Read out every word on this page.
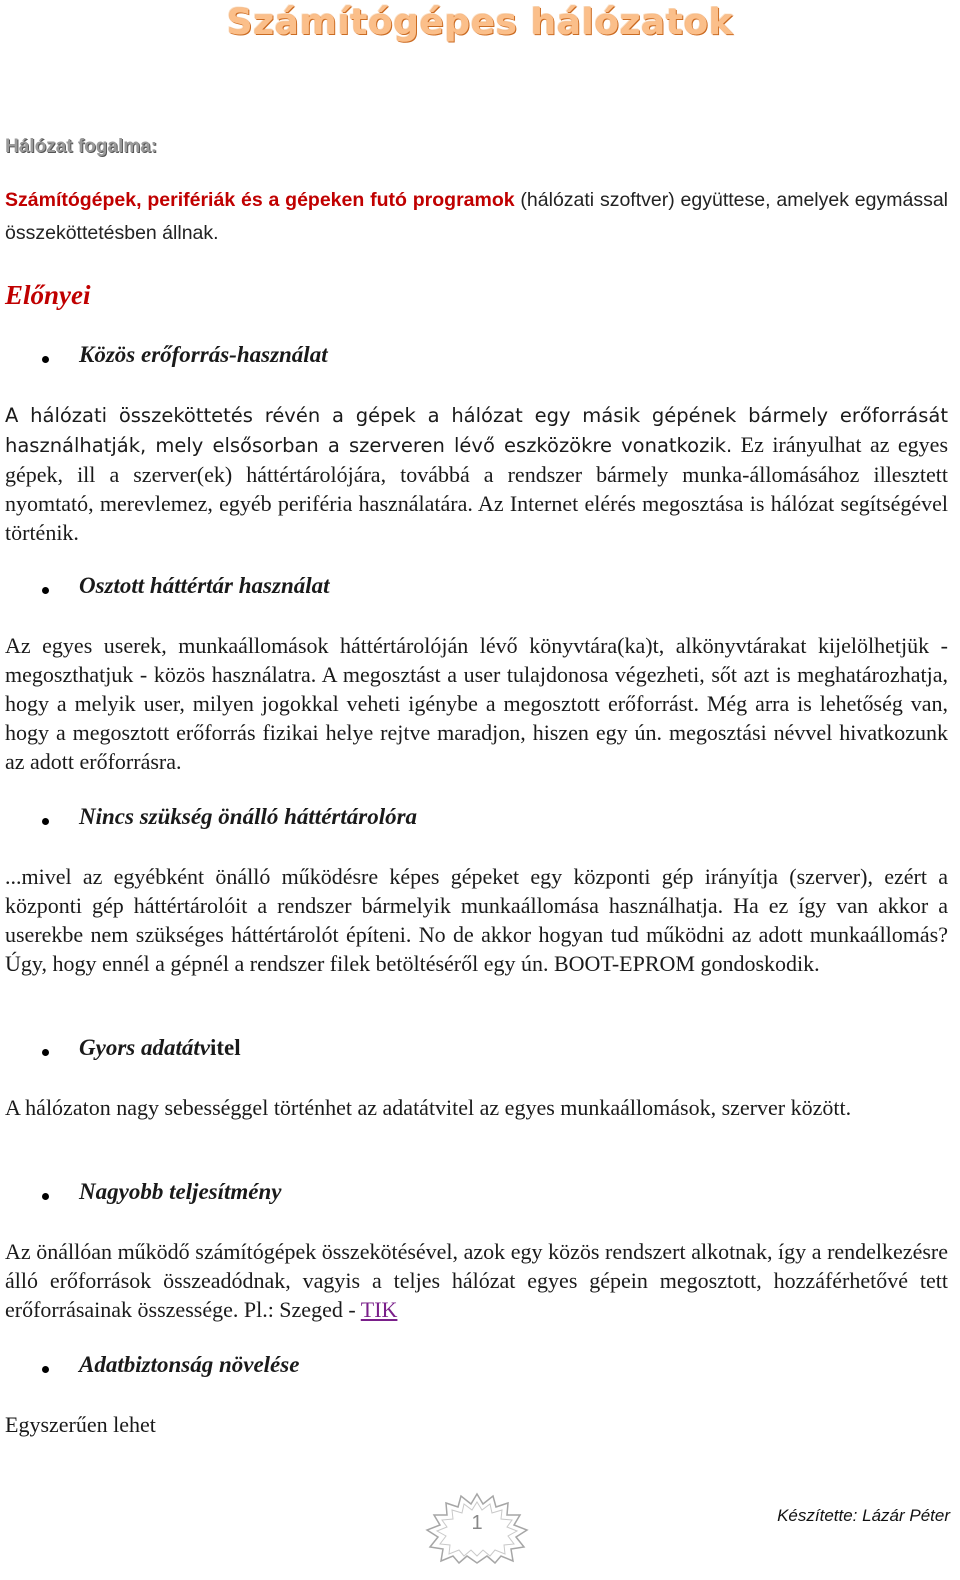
Számítógépes hálózatok
Hálózat fogalma:
Számítógépek, perifériák és a gépeken futó programok (hálózati szoftver) együttese, amelyek egymással összeköttetésben állnak.
Előnyei
Közös erőforrás-használat
A hálózati összeköttetés révén a gépek a hálózat egy másik gépének bármely erőforrását használhatják, mely elsősorban a szerveren lévő eszközökre vonatkozik. Ez irányulhat az egyes gépek, ill a szerver(ek) háttértárolójára, továbbá a rendszer bármely munka-állomásához illesztett nyomtató, merevlemez, egyéb periféria használatára. Az Internet elérés megosztása is hálózat segítségével történik.
Osztott háttértár használat
Az egyes userek, munkaállomások háttértárolóján lévő könyvtára(ka)t, alkönyvtárakat kijelölhetjük - megoszthatjuk - közös használatra. A megosztást a user tulajdonosa végezheti, sőt azt is meghatározhatja, hogy a melyik user, milyen jogokkal veheti igénybe a megosztott erőforrást. Még arra is lehetőség van, hogy a megosztott erőforrás fizikai helye rejtve maradjon, hiszen egy ún. megosztási névvel hivatkozunk az adott erőforrásra.
Nincs szükség önálló háttértárolóra
...mivel az egyébként önálló működésre képes gépeket egy központi gép irányítja (szerver), ezért a központi gép háttértárolóit a rendszer bármelyik munkaállomása használhatja. Ha ez így van akkor a userekbe nem szükséges háttértárolót építeni. No de akkor hogyan tud működni az adott munkaállomás? Úgy, hogy ennél a gépnél a rendszer filek betöltéséről egy ún. BOOT-EPROM gondoskodik.
Gyors adatátvitel
A hálózaton nagy sebességgel történhet az adatátvitel az egyes munkaállomások, szerver között.
Nagyobb teljesítmény
Az önállóan működő számítógépek összekötésével, azok egy közös rendszert alkotnak, így a rendelkezésre álló erőforrások összeadódnak, vagyis a teljes hálózat egyes gépein megosztott, hozzáférhetővé tett erőforrásainak összessége. Pl.: Szeged - TIK
Adatbiztonság növelése
Egyszerűen lehet
1	Készítette: Lázár Péter
